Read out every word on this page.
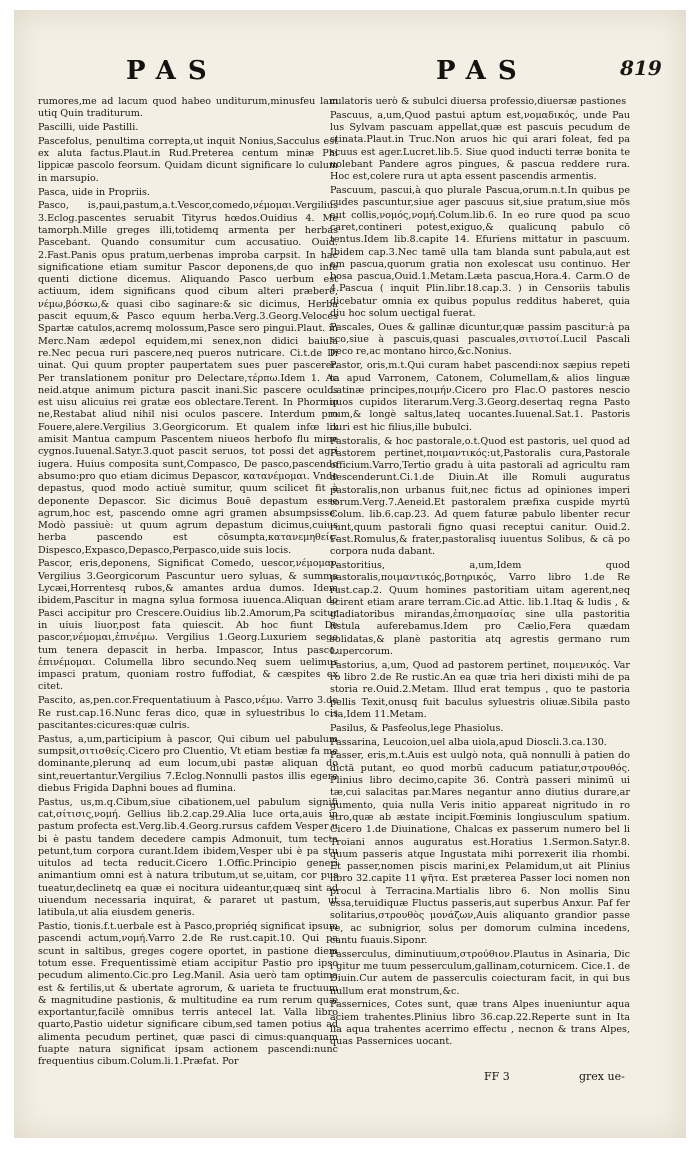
PAS	PAS	819

rumores,me ad lacum quod habeo unditurum,minusfeu lam utiq Quin traditurum.

Pascilli, uide Pastilli.

Pascefolus, penultima correpta,ut inquit Nonius,Sacculus est ex aluta factus.Plaut.in Rud.Preterea centum minæ Phi lippicæ pascolo feorsum. Quidam dicunt significare lo culum in marsupio.

Pasca, uide in Propriis.

Pasco, is,paui,pastum,a.t.Vescor,comedo,νέμομαι.Vergilius 3.Eclog.pascentes seruabit Tityrus hœdos.Ouidius 4. Me tamorph.Mille greges illi,totidemq armenta per herbas Pascebant. Quando consumitur cum accusatiuo. Ouid. 2.Fast.Panis opus pratum,uerbenas improba carpsit. In hac significatione etiam sumitur Pascor deponens,de quo infe quenti dictione dicemus. Aliquando Pasco uerbum est actiuum, idem significans quod cibum alteri præbere, νέμω,βόσκω,& quasi cibo saginare:& sic dicimus, Herba pascit equum,& Pasco equum herba.Verg.3.Georg.Veloces Spartæ catulos,acremq molossum,Pasce sero pingui.Plaut. in Merc.Nam ædepol equidem,mi senex,non didici baiula re.Nec pecua ruri pascere,neq pueros nutricare. Ci.t.de Di uinat. Qui quum propter paupertatem sues puer pascerer. Per translationem ponitur pro Delectare,τέρπω.Idem 1. Ac neid.atque animum pictura pascit inani.Sic pascere oculos est uisu alicuius rei gratæ eos oblectare.Terent. In Phormio ne,Restabat aliud nihil nisi oculos pascere. Interdum pro Fouere,alere.Vergilius 3.Georgicorum. Et qualem infœ lix amisit Mantua campum Pascentem niueos herbofo flu mine cygnos.Iuuenal.Satyr.3.quot pascit seruos, tot possi det agri iugera. Huius composita sunt,Compasco, De pasco,pascendo absumo:pro quo etiam dicimus Depascor, κατανέμομαι. Vnde depastus, quod modo actiuè sumitur, quum scilicet fit à deponente Depascor. Sic dicimus Bouē depastum esse agrum,hoc est, pascendo omne agri gramen absumpsisse. Modò passiuè: ut quum agrum depastum dicimus,cuius herba pascendo est cōsumpta,κατανεμηθείς. Dispesco,Expasco,Depasco,Perpasco,uide suis locis.

Pascor, eris,deponens, Significat Comedo, uescor,νέμομαι. Vergilius 3.Georgicorum Pascuntur uero syluas, & summa Lycæi,Horrentesq rubos,& amantes ardua dumos. Idem ibidem,Pascitur in magna sylua formosa iuuenca.Aliquan do Pasci accipitur pro Crescere.Ouidius lib.2.Amorum,Pa scitur in uiuis liuor,post fata quiescit. Ab hoc fiunt De pascor,νέμομαι,ἐπινέμω. Vergilius 1.Georg.Luxuriem sege tum tenera depascit in herba. Impascor, Intus pasco, ἐπινέμομαι. Columella libro secundo.Neq suem uelimus impasci pratum, quoniam rostro fuffodiat, & cæspites ex citet.

Pascito, as,pen.cor.Frequentatiuum à Pasco,νέμω. Varro 3.de Re rust.cap.16.Nunc feras dico, quæ in syluestribus lo cis pascitantes:cicures:quæ culris.

Pastus, a,um,participium à pascor, Qui cibum uel pabulum sumpsit,σιτισθείς.Cicero pro Cluentio, Vt etiam bestiæ fa me dominante,plerunq ad eum locum,ubi pastæ aliquan do sint,reuertantur.Vergilius 7.Eclog.Nonnulli pastos illis egere diebus Frigida Daphni boues ad flumina.

Pastus, us,m.q.Cibum,siue cibationem,uel pabulum signifi cat,σίτισις,νομή. Gellius lib.2.cap.29.Alia luce orta,auis in pastum profecta est.Verg.lib.4.Georg.rursus cafdem Vesper u bi è pastu tandem decedere campis Admonuit, tum tecta petunt,tum corpora curant.Idem ibidem,Vesper ubi è pa stu uitulos ad tecta reducit.Cicero 1.Offic.Principio generi animantium omni est à natura tributum,ut se,uitam, cor pus tueatur,declinetq ea quæ ei nocitura uideantur,quæq sint ad uiuendum necessaria inquirat, & pararet ut pastum, ut latibula,ut alia eiusdem generis.

Pastio, tionis.f.t.uerbale est à Pasco,propriéq significat ipsum pascendi actum,νομή.Varro 2.de Re rust.capit.10. Qui pa scunt in saltibus, greges cogere oportet, in pastione diem totum esse. Frequentissimè etiam accipitur Pastio pro ipso pecudum alimento.Cic.pro Leg.Manil. Asia uerò tam optima est & fertilis,ut & ubertate agrorum, & uarieta te fructuum & magnitudine pastionis, & multitudine ea rum rerum quæ exportantur,facilè omnibus terris antecel lat. Valla libro quarto,Pastio uidetur significare cibum,sed tamen potius ad alimenta pecudum pertinet, quæ pasci di cimus:quanquam fuapte natura significat ipsam actionem pascendi:nunc frequentius cibum.Colum.li.1.Præfat. Por

culatoris uerò & subulci diuersa professio,diuersæ pastiones

Pascuus, a,um,Quod pastui aptum est,νομαδικός, unde Pau lus Sylvam pascuam appellat,quæ est pascuis pecudum de stinata.Plaut.in Truc.Non aruos hic qui arari foleat, fed pa scuus est ager.Lucret.lib.5. Siue quod inducti terræ bonita te uolebant Pandere agros pingues, & pascua reddere rura. Hoc est,colere rura ut apta essent pascendis armentis.

Pascuum, pascui,à quo plurale Pascua,orum.n.t.In quibus pe cudes pascuntur,siue ager pascuus sit,siue pratum,siue mōs aut collis,νομός,νομή.Colum.lib.6. In eo rure quod pa scuo caret,contineri potest,exiguo,& qualicunq pabulo cō tentus.Idem lib.8.capite 14. Efuriens mittatur in pascuum. Ibidem cap.3.Nec tamē ulla tam blanda sunt pabula,aut est am pascua,quorum gratia non exolescat usu continuo. Her bosa pascua,Ouid.1.Metam.Læta pascua,Hora.4. Carm.O de 4.Pascua ( inquit Plin.libr.18.cap.3. ) in Censoriis tabulis dicebatur omnia ex quibus populus redditus haberet, quia diu hoc solum uectigal fuerat.

Pascales, Oues & gallinæ dicuntur,quæ passim pascitur:à pa sco,siue à pascuis,quasi pascuales,σιτιστοί.Lucil Pascali peco re,ac montano hirco,&c.Nonius.

Pastor, oris,m.t.Qui curam habet pascendi:nox sæpius repeti ta apud Varronem, Catonem, Columellam,& alios linguæ Latinæ principes,ποιμήν.Cicero pro Flac.O pastores nescio quos cupidos literarum.Verg.3.Georg.desertaq regna Pasto rum,& longè saltus,lateq uocantes.Iuuenal.Sat.1. Pastoris duri est hic filius,ille bubulci.

Pastoralis, & hoc pastorale,o.t.Quod est pastoris, uel quod ad Pastorem pertinet,ποιμαντικός:ut,Pastoralis cura,Pastorale officium.Varro,Tertio gradu à uita pastorali ad agricultu ram descenderunt.Ci.1.de Diuin.At ille Romuli auguratus pastoralis,non urbanus fuit,nec fictus ad opiniones imperi torum.Verg.7.Aeneid.Et pastoralem præfixa cuspide myrtū Colum. lib.6.cap.23. Ad quem faturæ pabulo libenter recur runt,quum pastorali figno quasi receptui canitur. Ouid.2. Fast.Romulus,& frater,pastoralisq iuuentus Solibus, & cā po corpora nuda dabant.

Pastoritius, a,um,Idem quod pastoralis,ποιμαντικός,βοτηρικός, Varro libro 1.de Re rust.cap.2. Quum homines pastoritiam uitam agerent,neq scirent etiam arare terram.Cic.ad Attic. lib.1.Itaq & ludis , & gladiatoribus mirandas,ἐπισημασίας sine ulla pastoritia fistula auferebamus.Idem pro Cælio,Fera quædam solidatas,& planè pastoritia atq agrestis germano rum Lupercorum.

Pastorius, a,um, Quod ad pastorem pertinet, ποιμενικός. Var ro libro 2.de Re rustic.An ea quæ tria heri dixisti mihi de pa storia re.Ouid.2.Metam. Illud erat tempus , quo te pastoria pellis Texit,onusq fuit baculus syluestris oliuæ.Sibila pasto ria,Idem 11.Metam.

Pasilus, & Pasfeolus,lege Phasiolus.

Passarina, Leucoion,uel alba uiola,apud Dioscli.3.ca.130.

Passer, eris,m.t.Auis est uulgò nota, quā nonnulli à patien do dictā putant, eo quod morbū caducum patiatur,στρουθός. Plinius libro decimo,capite 36. Contrà passeri minimū ui tæ,cui salacitas par.Mares negantur anno diutius durare,ar gumento, quia nulla Veris initio appareat nigritudo in ro stro,quæ ab æstate incipit.Fœminis longiusculum spatium. Cicero 1.de Diuinatione, Chalcas ex passerum numero bel li Troiani annos auguratus est.Horatius 1.Sermon.Satyr.8. quum passeris atque Ingustata mihi porrexerit ilia rhombi. Et passer,nomen piscis marini,ex Pelamidum,ut ait Plinius libro 32.capite 11 ψῆτα. Est præterea Passer loci nomen non procul à Terracina.Martialis libro 6. Non mollis Sinu essa,teruidiquæ Fluctus passeris,aut superbus Anxur. Paf fer solitarius,στρουθὸς μονάζων,Auis aliquanto grandior passe re, ac subnigrior, solus per domorum culmina incedens, cantu fuauis.Siponr.

Passerculus, diminutiuum,στρούθιον.Plautus in Asinaria, Dic i gitur me tuum pesserculum,gallinam,coturnicem. Cice.1. de Diuin.Cur autem de passerculis coiecturam facit, in qui bus nullum erat monstrum,&c.

Passernices, Cotes sunt, quæ trans Alpes inueniuntur aqua aciem trahentes.Plinius libro 36.cap.22.Reperte sunt in Ita lia aqua trahentes acerrimo effectu , necnon & trans Alpes, quas Passernices uocant.

FF 3	grex ue-
